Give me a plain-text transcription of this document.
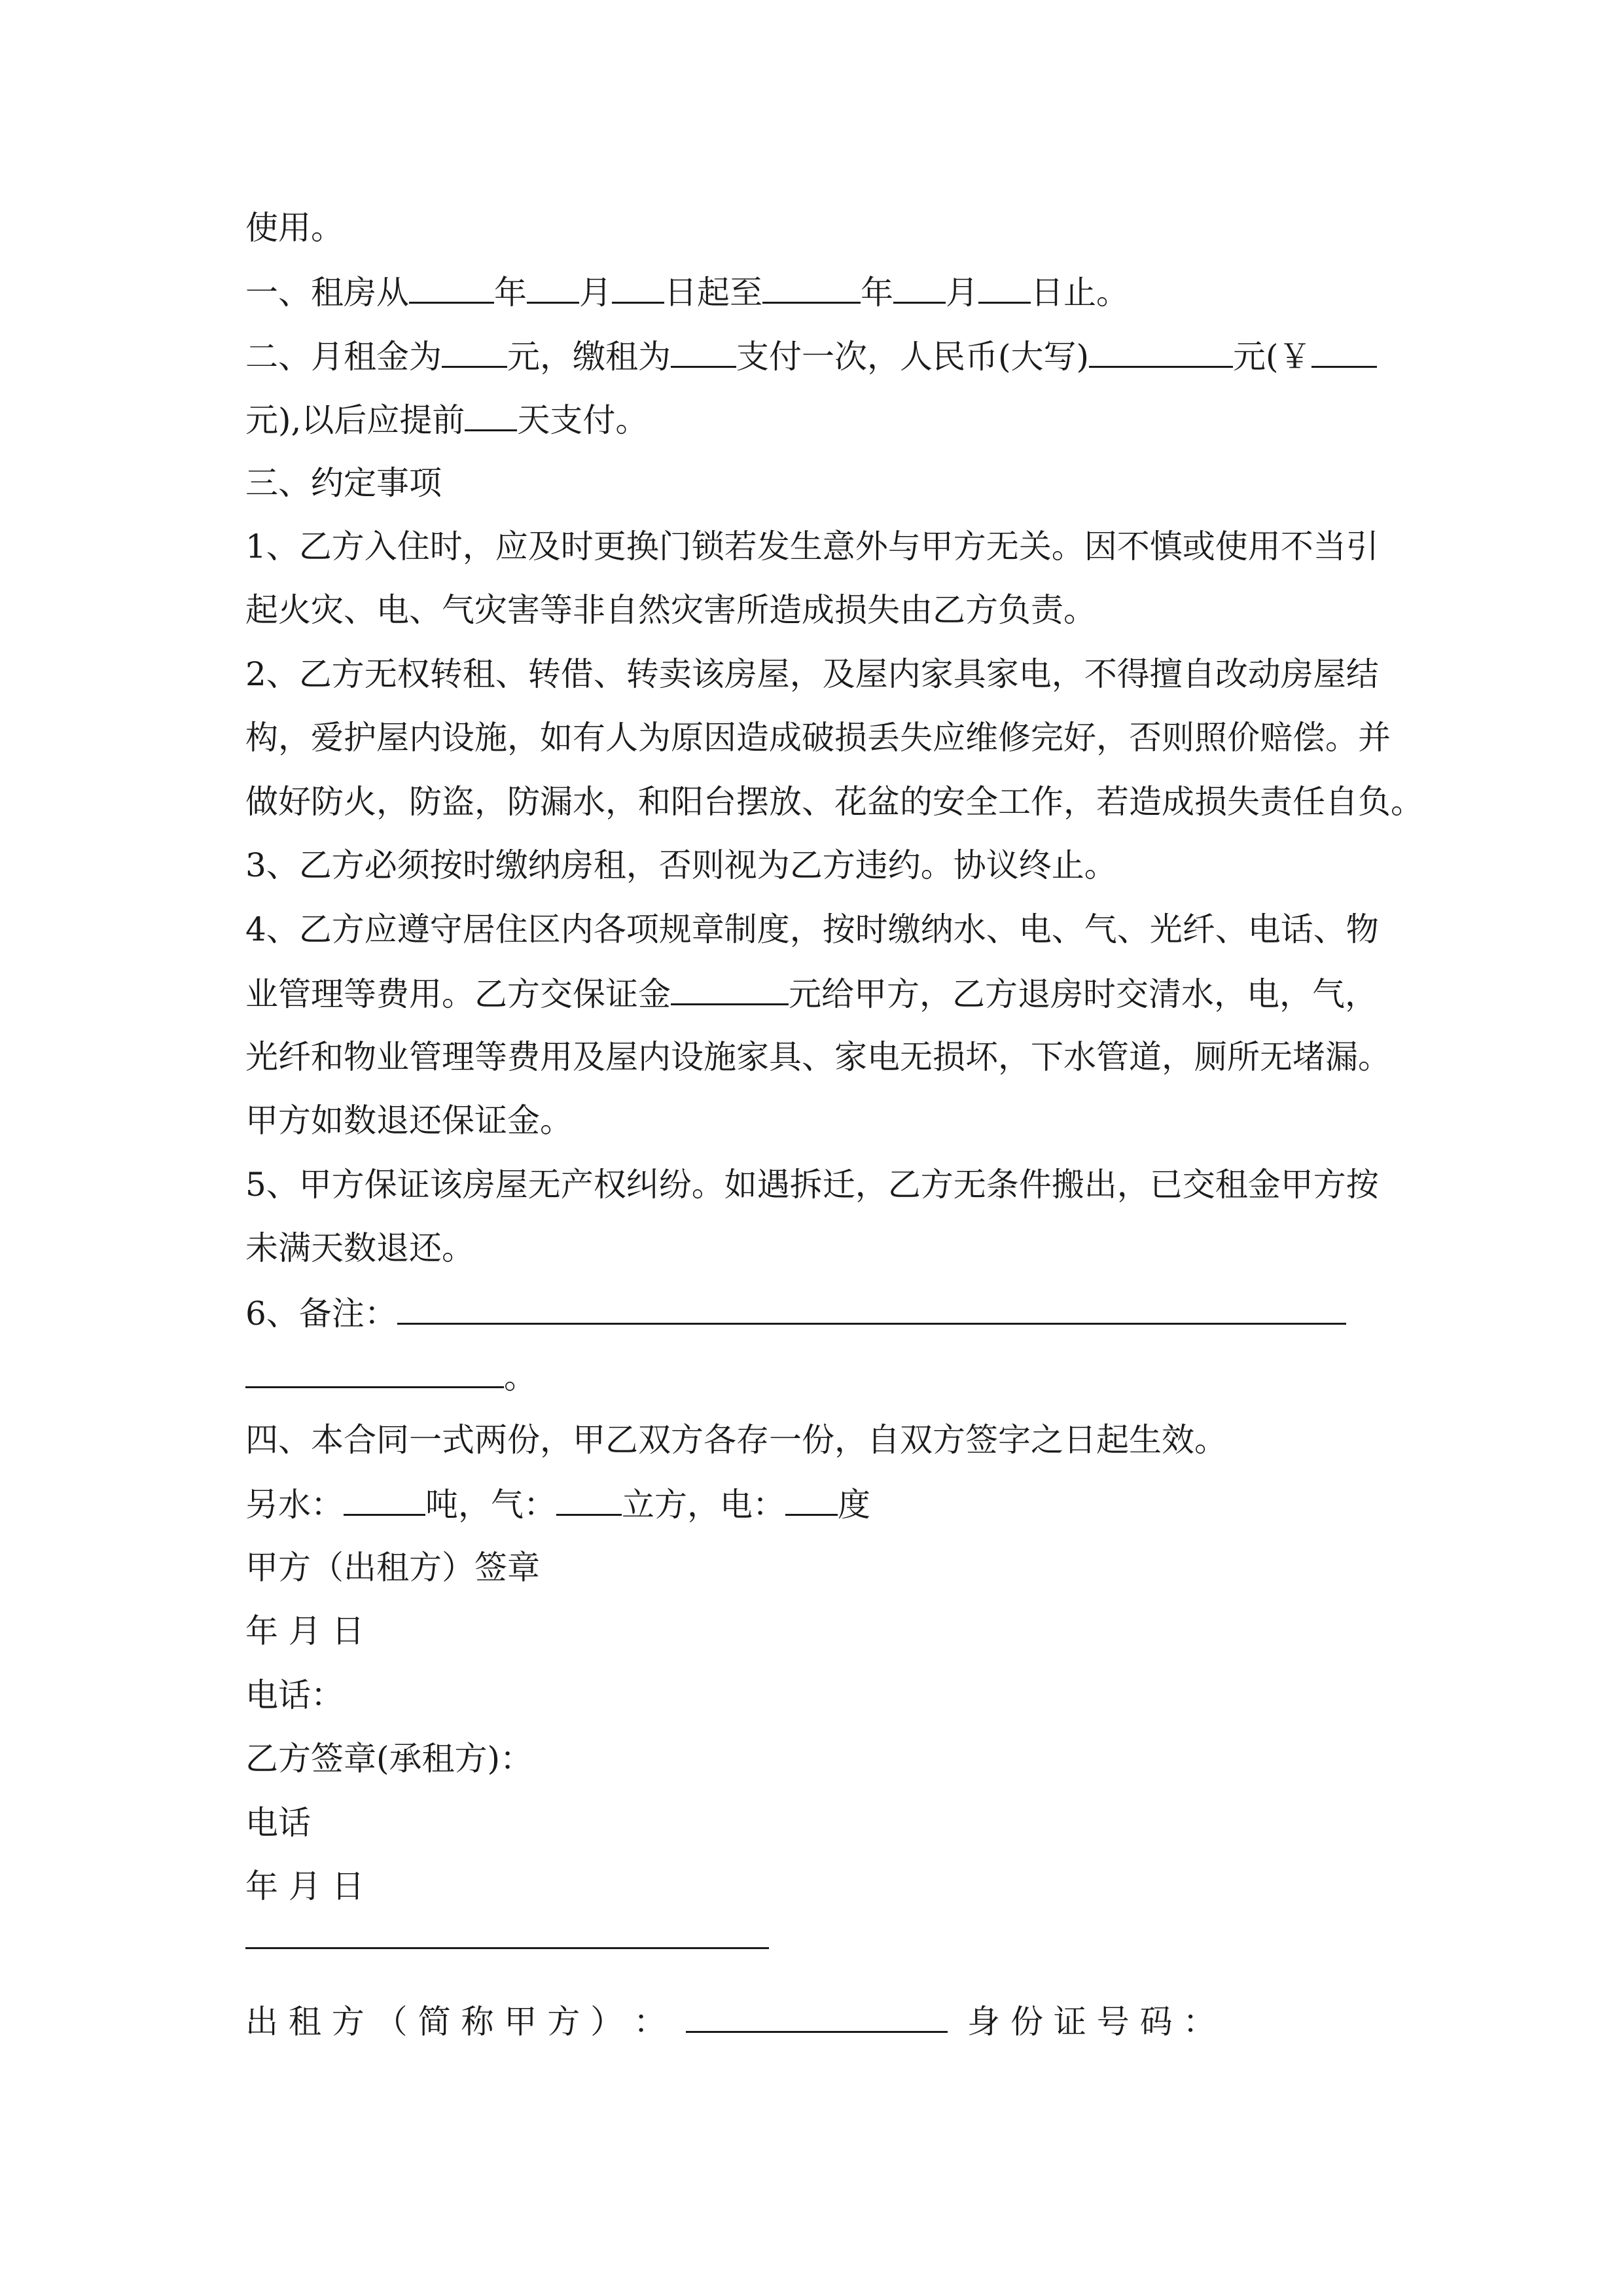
使用。

一、租房从	年 月 日起至	年 月 日止。

二、月租金为 元，缴租为 支付一次，人民币(大写)	元(￥

元),以后应提前 天支付。

三、约定事项

1、乙方入住时，应及时更换门锁若发生意外与甲方无关。因不慎或使用不当引

起火灾、电、气灾害等非自然灾害所造成损失由乙方负责。

2、乙方无权转租、转借、转卖该房屋，及屋内家具家电，不得擅自改动房屋结

构，爱护屋内设施，如有人为原因造成破损丢失应维修完好，否则照价赔偿。并

做好防火，防盗，防漏水，和阳台摆放、花盆的安全工作，若造成损失责任自负。

3、乙方必须按时缴纳房租，否则视为乙方违约。协议终止。

4、乙方应遵守居住区内各项规章制度，按时缴纳水、电、气、光纤、电话、物

业管理等费用。乙方交保证金	元给甲方，乙方退房时交清水，电，气，

光纤和物业管理等费用及屋内设施家具、家电无损坏，下水管道，厕所无堵漏。

甲方如数退还保证金。

5、甲方保证该房屋无产权纠纷。如遇拆迁，乙方无条件搬出，已交租金甲方按

未满天数退还。

6、备注：

。

四、本合同一式两份，甲乙双方各存一份，自双方签字之日起生效。

另水：	吨，气： 立方，电： 度

甲方（出租方）签章

年 月 日

电话：

乙方签章(承租方)：

电话

年 月 日

出 租 方 （ 简 称 甲 方 ） ：	身 份 证 号 码 ：
